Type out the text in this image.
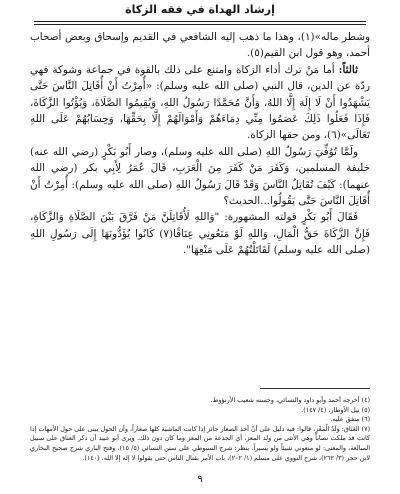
إرشاد الهداة في فقه الزكاة

وشطر ماله»(١)، وهذا ما ذهب إليه الشافعي في القديم وإسحاق وبعض أصحاب أحمد، وهو قول ابن القيم(٥).

ثالثاً: أما مَنْ ترك أداء الزكاة وامتنع على ذلك بالقوة في جماعة وشوكة فهي ردّة عن الدين، قال النبي (صلى الله عليه وسلم): «أُمِرْتُ أَنْ أُقَاتِلَ النَّاسَ حَتَّى يَشْهَدُوا أَنْ لَا إِلَهَ إِلَّا اللهُ، وَأَنَّ مُحَمَّدًا رَسُولُ اللهِ، وَيُقِيمُوا الصَّلَاةَ، وَيُؤْتُوا الزَّكَاةَ، فَإِذَا فَعَلُوا ذَلِكَ عَصَمُوا مِنِّي دِمَاءَهُمْ وَأَمْوَالَهُمْ إِلَّا بِحَقِّهَا، وَحِسَابُهُمْ عَلَى اللهِ تَعَالَى»(٦)، ومن حقها الزكاة.

ولَمَّا تُوُفِّيَ رَسُولُ اللهِ (صلى الله عليه وسلم)، وصار أَبُو بَكْرٍ (رضي الله عنه) خليفة المسلمين، وَكَفَرَ مَنْ كَفَرَ مِنَ الْعَرَبِ، قَالَ عُمَرُ لِأَبِي بكر (رضي الله عنهما): كَيْفَ تُقَاتِلُ النَّاسَ وَقَدْ قَالَ رَسُولُ اللهِ (صلى الله عليه وسلم): أُمِرْتُ أَنْ أُقَاتِلَ النَّاسَ حَتَّى يَقُولُوا...الحديث؟

فَقَالَ أَبُو بَكْرٍ قولته المشهورة: "وَاللهِ لَأُقَاتِلَنَّ مَنْ فَرَّقَ بَيْنَ الصَّلَاةِ وَالزَّكَاةِ، فَإِنَّ الزَّكَاةَ حَقُّ الْمَالِ، وَاللهِ لَوْ مَنَعُونِي عِنَاقًا(٧) كَانُوا يُؤَدُّونَهَا إِلَى رَسُولِ اللهِ (صلى الله عليه وسلم) لَقَاتَلْتُهُمْ عَلَى مَنْعِهَا".

(٤) أخرجه أحمد وأبو داود والنسائي، وحسنه شعيب الأرنؤوط.

(٥) نيل الأوطار، (٤/ ١٤٧).

(٦) متفق عليه.

(٧) العَنَاق: وَلَدُ الْمَعْزِ، قالوا: فيه دليل على أنّ أخذ الصغار جائز إذا كانت الماشية كلها صغاراً، وأن الحول يبنى على حول الأمهات إذا كانت قد ملكت نصاباً وهي الأنثى من ولد المعز، أي الجذعة من المعز وما كان دون ذلك. ويرى أبو عبيد أن ذكر العناق على سبيل المبالغة، والمعنى: لو منعوني شيئاً ولو يسيراً، ينظر: شرح السيوطي على سنن النسائي (٥/ ١٥)، وفتح الباري شرح صحيح البخاري لابن حجر (٣/ ٢٦٢)، شرح النووي على مسلم (١/ ٢٠٢)، باب الأمر بقتال الناس حتى يقولوا لا إله إلا الله. (١٤٠).

٩
